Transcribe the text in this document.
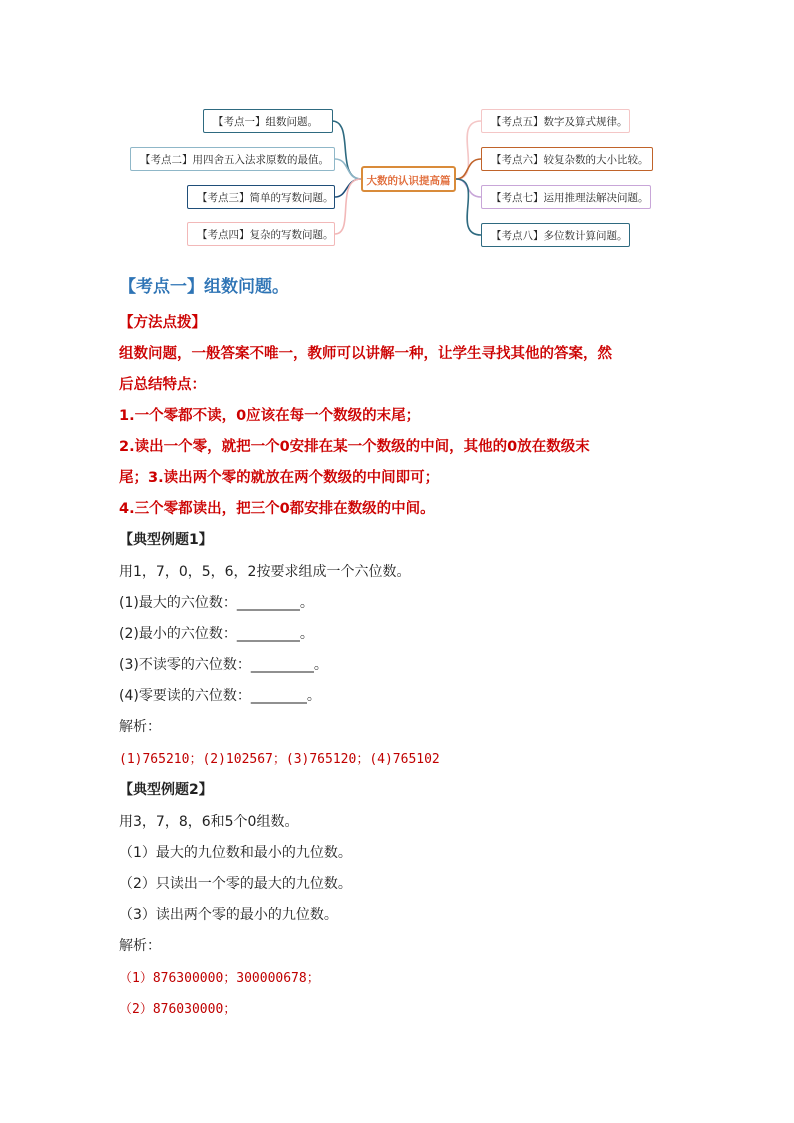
大数的认识提高篇
【考点一】组数问题。
【考点二】用四舍五入法求原数的最值。
【考点三】简单的写数问题。
【考点四】复杂的写数问题。
【考点五】数字及算式规律。
【考点六】较复杂数的大小比较。
【考点七】运用推理法解决问题。
【考点八】多位数计算问题。
【考点一】组数问题。
【方法点拨】
组数问题，一般答案不唯一，教师可以讲解一种，让学生寻找其他的答案，然
后总结特点：
1.一个零都不读，0应该在每一个数级的末尾；
2.读出一个零，就把一个0安排在某一个数级的中间，其他的0放在数级末
尾；3.读出两个零的就放在两个数级的中间即可；
4.三个零都读出，把三个0都安排在数级的中间。
【典型例题1】
用1，7，0，5，6，2按要求组成一个六位数。
(1)最大的六位数：_________。
(2)最小的六位数：_________。
(3)不读零的六位数：_________。
(4)零要读的六位数：________。
解析：
(1)765210；(2)102567；(3)765120；(4)765102
【典型例题2】
用3，7，8，6和5个0组数。
（1）最大的九位数和最小的九位数。
（2）只读出一个零的最大的九位数。
（3）读出两个零的最小的九位数。
解析：
（1）876300000；300000678；
（2）876030000；
